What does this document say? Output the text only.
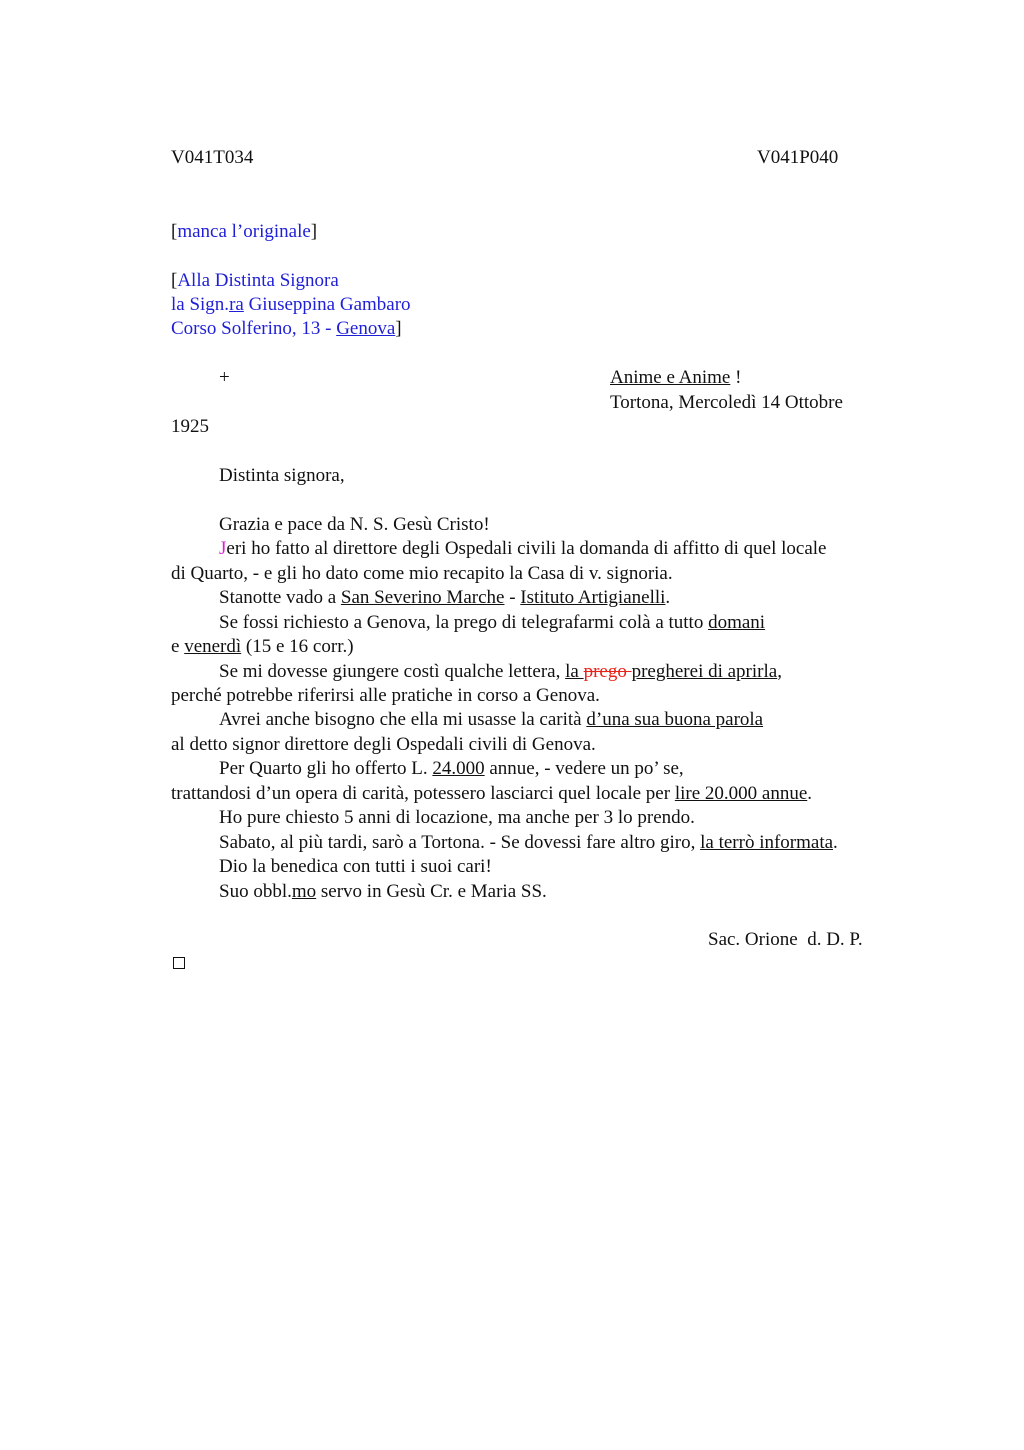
V041T034	V041P040

[manca l’originale]

[Alla Distinta Signora

la Sign.ra Giuseppina Gambaro

Corso Solferino, 13 - Genova]

+	Anime e Anime !

Tortona, Mercoledì 14 Ottobre

1925

Distinta signora,

Grazia e pace da N. S. Gesù Cristo!

Jeri ho fatto al direttore degli Ospedali civili la domanda di affitto di quel locale

di Quarto, - e gli ho dato come mio recapito la Casa di v. signoria.

Stanotte vado a San Severino Marche - Istituto Artigianelli.

Se fossi richiesto a Genova, la prego di telegrafarmi colà a tutto domani

e venerdì (15 e 16 corr.)

Se mi dovesse giungere costì qualche lettera, la prego pregherei di aprirla,

perché potrebbe riferirsi alle pratiche in corso a Genova.

Avrei anche bisogno che ella mi usasse la carità d’una sua buona parola

al detto signor direttore degli Ospedali civili di Genova.

Per Quarto gli ho offerto L. 24.000 annue, - vedere un po’ se,

trattandosi d’un opera di carità, potessero lasciarci quel locale per lire 20.000 annue.

Ho pure chiesto 5 anni di locazione, ma anche per 3 lo prendo.

Sabato, al più tardi, sarò a Tortona. - Se dovessi fare altro giro, la terrò informata.

Dio la benedica con tutti i suoi cari!

Suo obbl.mo servo in Gesù Cr. e Maria SS.

Sac. Orione  d. D. P.
